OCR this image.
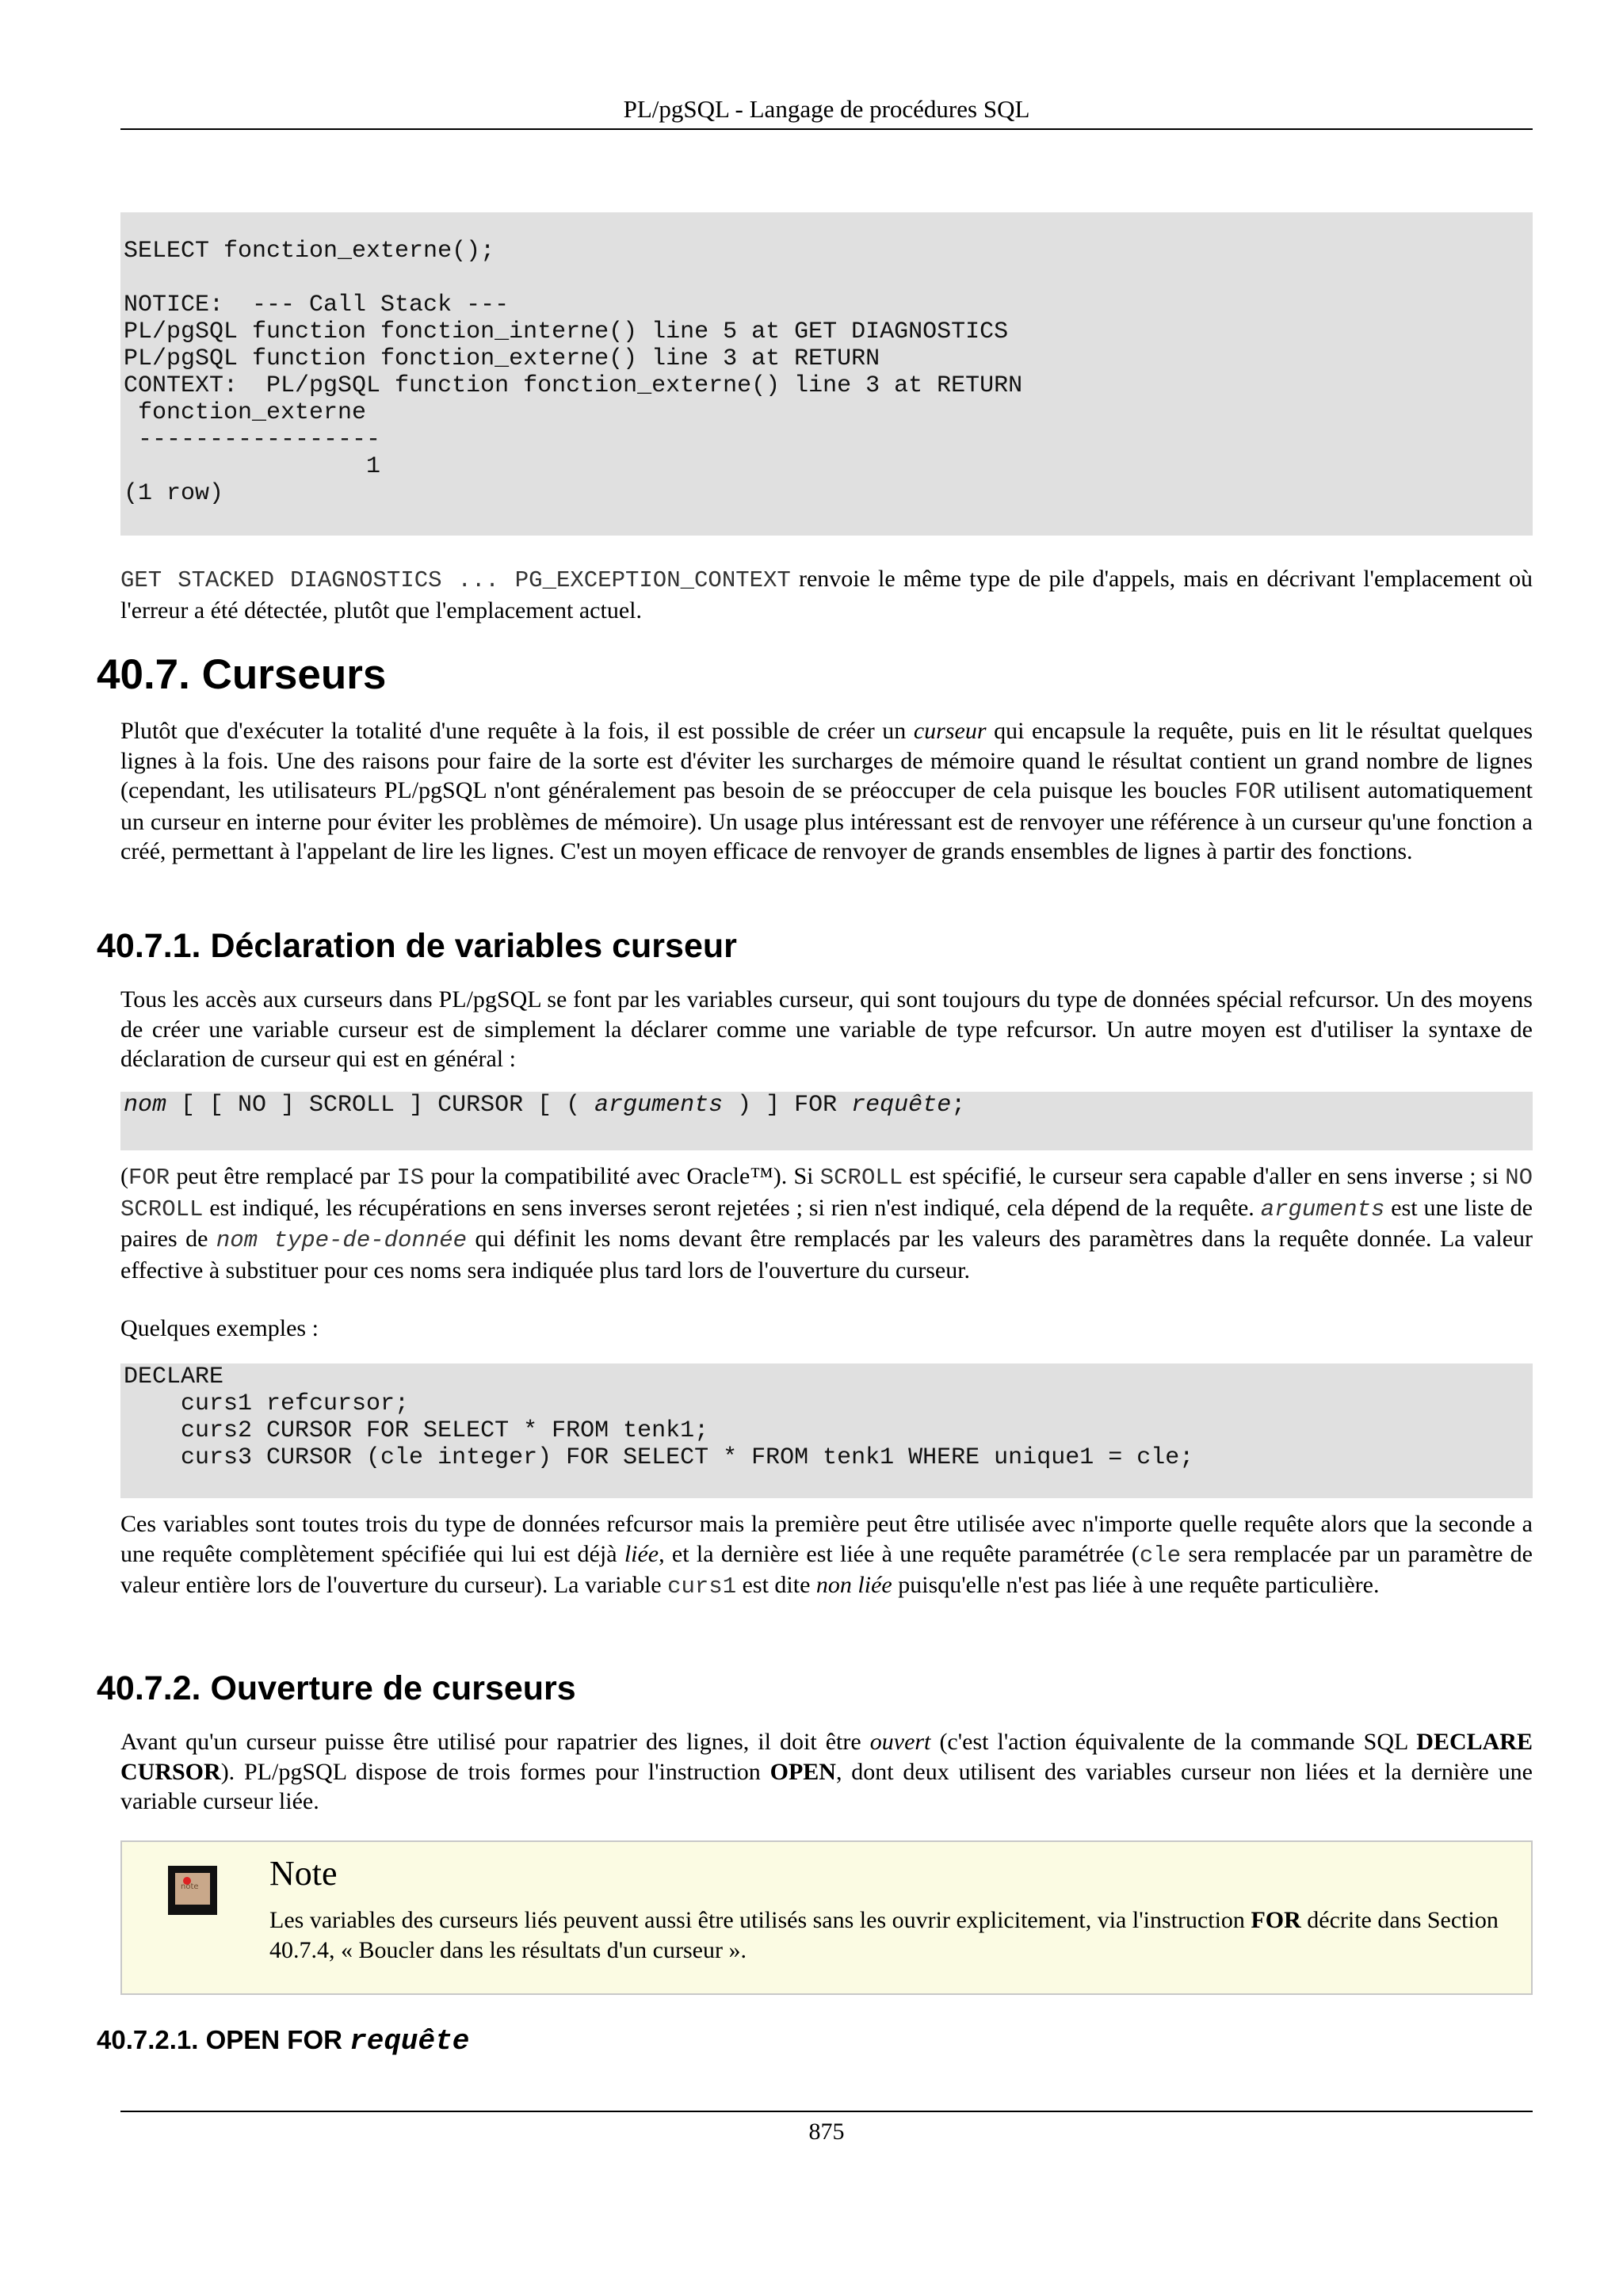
PL/pgSQL - Langage de procédures SQL
SELECT fonction_externe();

NOTICE:  --- Call Stack ---
PL/pgSQL function fonction_interne() line 5 at GET DIAGNOSTICS
PL/pgSQL function fonction_externe() line 3 at RETURN
CONTEXT:  PL/pgSQL function fonction_externe() line 3 at RETURN
fonction_externe
-----------------
1
(1 row)

GET STACKED DIAGNOSTICS ... PG_EXCEPTION_CONTEXT renvoie le même type de pile d'appels, mais en décrivant l'emplacement où l'erreur a été détectée, plutôt que l'emplacement actuel.

40.7. Curseurs

Plutôt que d'exécuter la totalité d'une requête à la fois, il est possible de créer un curseur qui encapsule la requête, puis en lit le résultat quelques lignes à la fois. Une des raisons pour faire de la sorte est d'éviter les surcharges de mémoire quand le résultat contient un grand nombre de lignes (cependant, les utilisateurs PL/pgSQL n'ont généralement pas besoin de se préoccuper de cela puisque les boucles FOR utilisent automatiquement un curseur en interne pour éviter les problèmes de mémoire). Un usage plus intéressant est de renvoyer une référence à un curseur qu'une fonction a créé, permettant à l'appelant de lire les lignes. C'est un moyen efficace de renvoyer de grands ensembles de lignes à partir des fonctions.

40.7.1. Déclaration de variables curseur

Tous les accès aux curseurs dans PL/pgSQL se font par les variables curseur, qui sont toujours du type de données spécial refcursor. Un des moyens de créer une variable curseur est de simplement la déclarer comme une variable de type refcursor. Un autre moyen est d'utiliser la syntaxe de déclaration de curseur qui est en général :

nom [ [ NO ] SCROLL ] CURSOR [ ( arguments ) ] FOR requête;

(FOR peut être remplacé par IS pour la compatibilité avec Oracle™). Si SCROLL est spécifié, le curseur sera capable d'aller en sens inverse ; si NO SCROLL est indiqué, les récupérations en sens inverses seront rejetées ; si rien n'est indiqué, cela dépend de la requête. arguments est une liste de paires de nom type-de-donnée qui définit les noms devant être remplacés par les valeurs des paramètres dans la requête donnée. La valeur effective à substituer pour ces noms sera indiquée plus tard lors de l'ouverture du curseur.

Quelques exemples :

DECLARE
curs1 refcursor;
curs2 CURSOR FOR SELECT * FROM tenk1;
curs3 CURSOR (cle integer) FOR SELECT * FROM tenk1 WHERE unique1 = cle;

Ces variables sont toutes trois du type de données refcursor mais la première peut être utilisée avec n'importe quelle requête alors que la seconde a une requête complètement spécifiée qui lui est déjà liée, et la dernière est liée à une requête paramétrée (cle sera remplacée par un paramètre de valeur entière lors de l'ouverture du curseur). La variable curs1 est dite non liée puisqu'elle n'est pas liée à une requête particulière.

40.7.2. Ouverture de curseurs

Avant qu'un curseur puisse être utilisé pour rapatrier des lignes, il doit être ouvert (c'est l'action équivalente de la commande SQL DECLARE CURSOR). PL/pgSQL dispose de trois formes pour l'instruction OPEN, dont deux utilisent des variables curseur non liées et la dernière une variable curseur liée.

note
Note
Les variables des curseurs liés peuvent aussi être utilisés sans les ouvrir explicitement, via l'instruction FOR décrite dans Section 40.7.4, « Boucler dans les résultats d'un curseur ».
40.7.2.1. OPEN FOR requête
875
